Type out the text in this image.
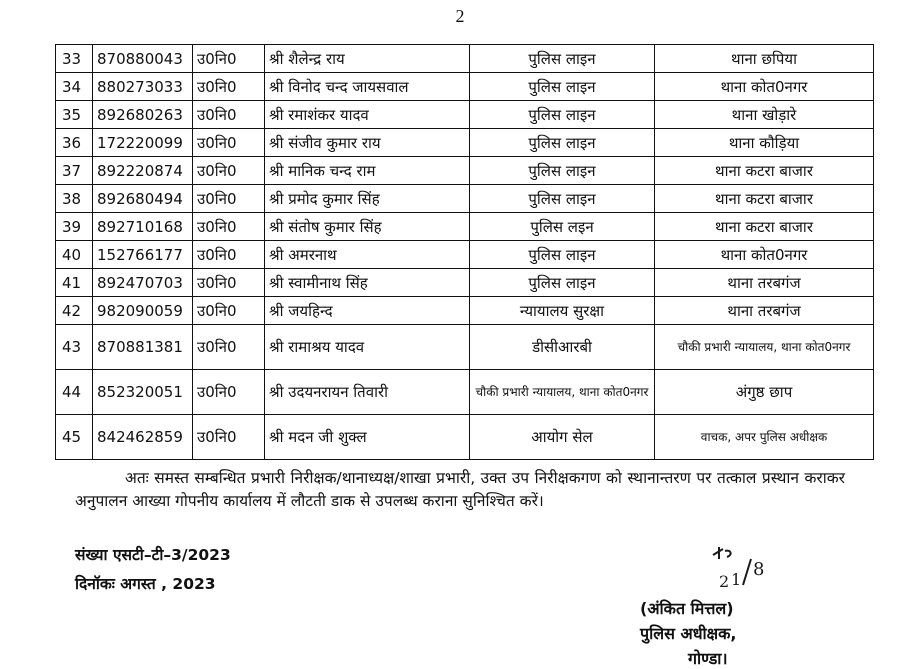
2
33	870880043	उ0नि0	श्री शैलेन्द्र राय	पुलिस लाइन	थाना छपिया
34	880273033	उ0नि0	श्री विनोद चन्द जायसवाल	पुलिस लाइन	थाना कोत0नगर
35	892680263	उ0नि0	श्री रमाशंकर यादव	पुलिस लाइन	थाना खोड़ारे
36	172220099	उ0नि0	श्री संजीव कुमार राय	पुलिस लाइन	थाना कौड़िया
37	892220874	उ0नि0	श्री मानिक चन्द राम	पुलिस लाइन	थाना कटरा बाजार
38	892680494	उ0नि0	श्री प्रमोद कुमार सिंह	पुलिस लाइन	थाना कटरा बाजार
39	892710168	उ0नि0	श्री संतोष कुमार सिंह	पुलिस लइन	थाना कटरा बाजार
40	152766177	उ0नि0	श्री अमरनाथ	पुलिस लाइन	थाना कोत0नगर
41	892470703	उ0नि0	श्री स्वामीनाथ सिंह	पुलिस लाइन	थाना तरबगंज
42	982090059	उ0नि0	श्री जयहिन्द	न्यायालय सुरक्षा	थाना तरबगंज
43	870881381	उ0नि0	श्री रामाश्रय यादव	डीसीआरबी	चौकी प्रभारी न्यायालय, थाना कोत0नगर
44	852320051	उ0नि0	श्री उदयनरायन तिवारी	चौकी प्रभारी न्यायालय, थाना कोत0नगर	अंगुष्ठ छाप
45	842462859	उ0नि0	श्री मदन जी शुक्ल	आयोग सेल	वाचक, अपर पुलिस अधीक्षक
अतः समस्त सम्बन्धित प्रभारी निरीक्षक/थानाध्यक्ष/शाखा प्रभारी, उक्त उप निरीक्षकगण को स्थानान्तरण पर तत्काल प्रस्थान कराकर अनुपालन आख्या गोपनीय कार्यालय में लौटती डाक से उपलब्ध कराना सुनिश्चित करें।
संख्या एसटी–टी–3/2023
दिनॉकः अगस्त , 2023	2 1 8
(अंकित मित्तल)
पुलिस अधीक्षक,
गोण्डा।
